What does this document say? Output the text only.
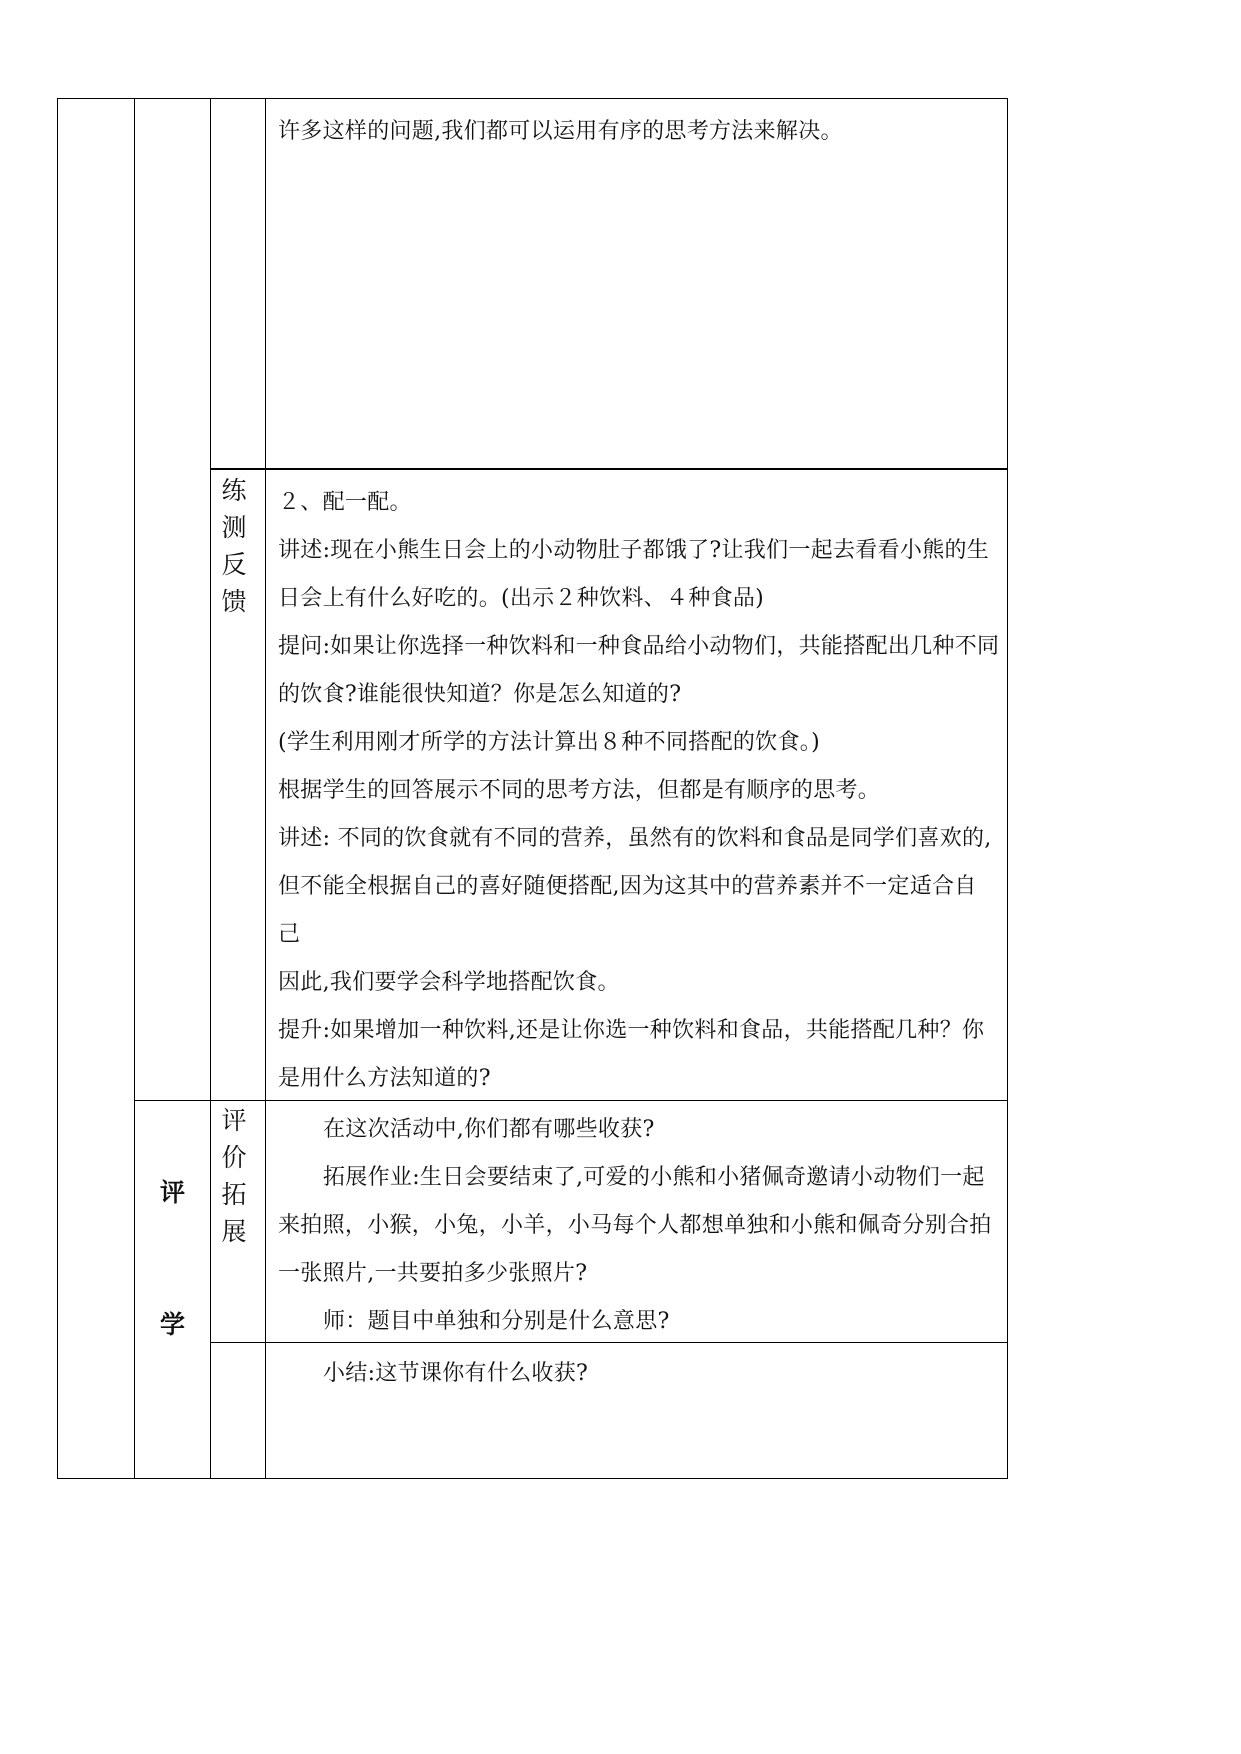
许多这样的问题,我们都可以运用有序的思考方法来解决。
练
测
反
馈
２、配一配。
讲述:现在小熊生日会上的小动物肚子都饿了?让我们一起去看看小熊的生
日会上有什么好吃的。(出示２种饮料、４种食品)
提问:如果让你选择一种饮料和一种食品给小动物们，共能搭配出几种不同
的饮食?谁能很快知道？你是怎么知道的?
(学生利用刚才所学的方法计算出８种不同搭配的饮食。)
根据学生的回答展示不同的思考方法，但都是有顺序的思考。
讲述: 不同的饮食就有不同的营养，虽然有的饮料和食品是同学们喜欢的,
但不能全根据自己的喜好随便搭配,因为这其中的营养素并不一定适合自
己
因此,我们要学会科学地搭配饮食。
提升:如果增加一种饮料,还是让你选一种饮料和食品，共能搭配几种？你
是用什么方法知道的?
评
学
评
价
拓
展
在这次活动中,你们都有哪些收获?
拓展作业:生日会要结束了,可爱的小熊和小猪佩奇邀请小动物们一起
来拍照，小猴，小兔，小羊，小马每个人都想单独和小熊和佩奇分别合拍
一张照片,一共要拍多少张照片?
师：题目中单独和分别是什么意思?
小结:这节课你有什么收获?
